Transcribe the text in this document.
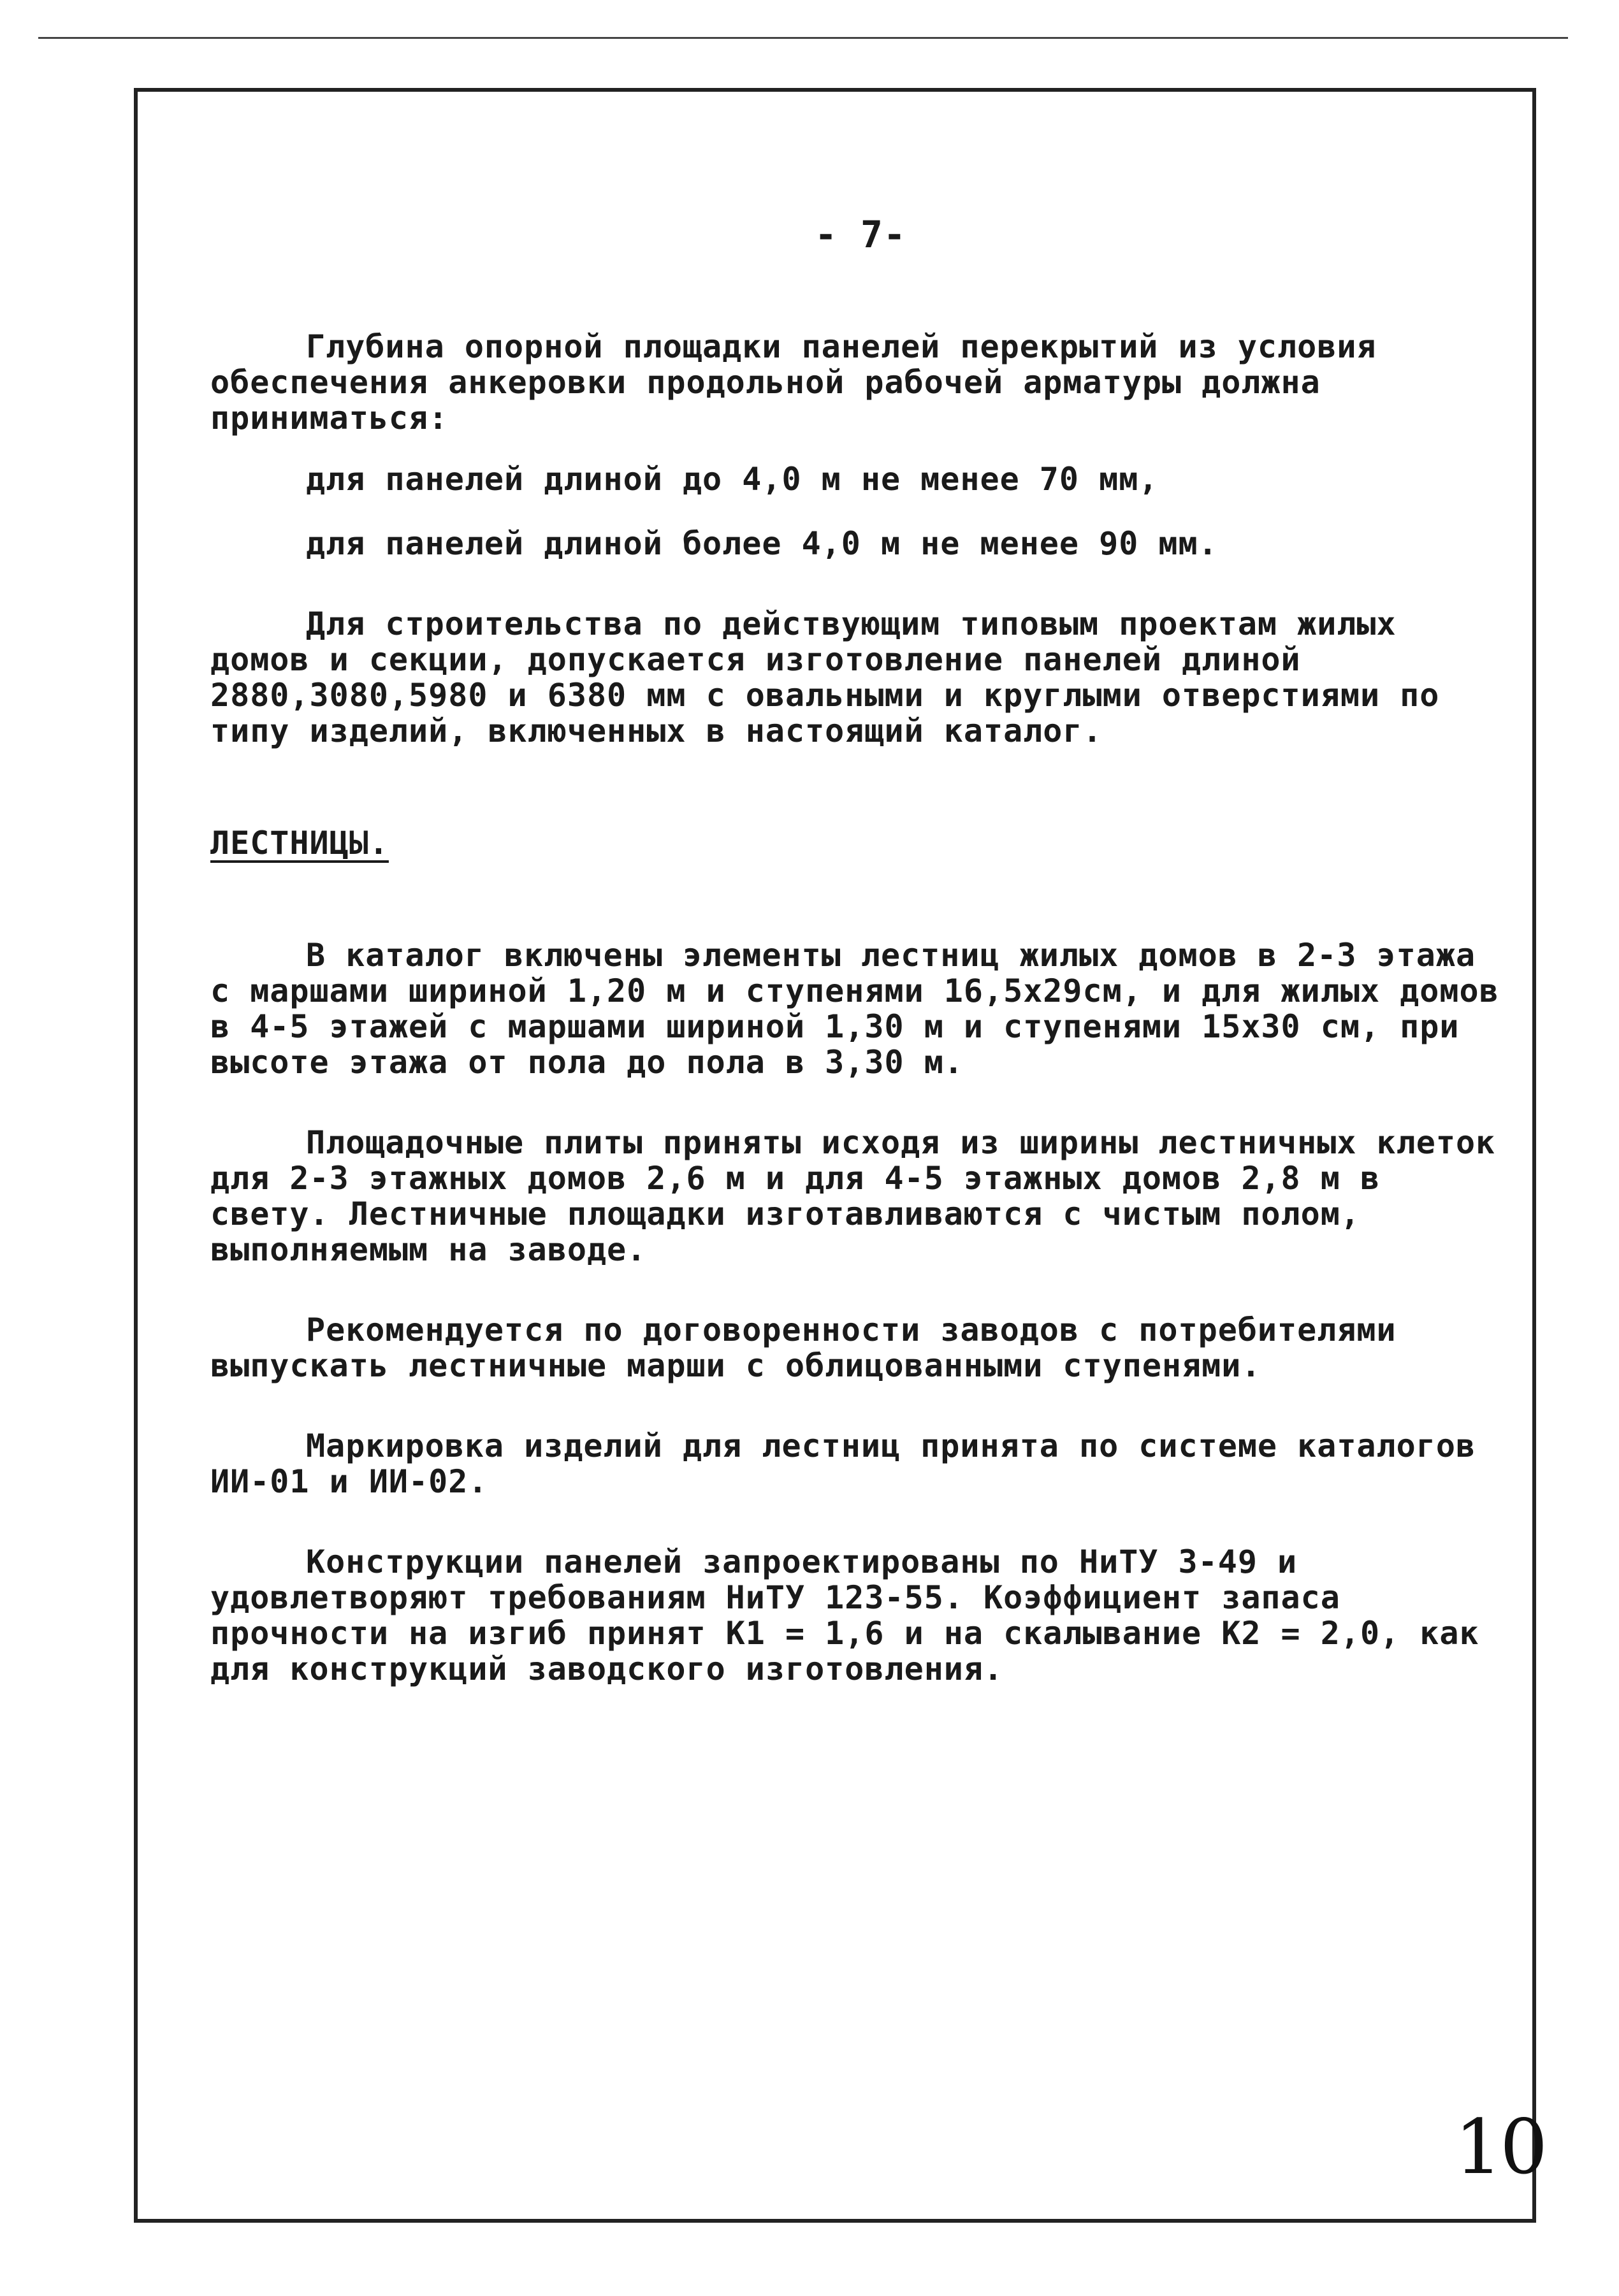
- 7-

Глубина опорной площадки панелей перекрытий из условия обеспечения анкеровки продольной рабочей арматуры должна приниматься:

для панелей длиной до 4,0 м не менее 70 мм,

для панелей длиной более 4,0 м не менее 90 мм.

Для строительства по действующим типовым проектам жилых домов и секции, допускается изготовление панелей длиной 2880,3080,5980 и 6380 мм с овальными и круглыми отверстиями по типу изделий, включенных в настоящий каталог.

ЛЕСТНИЦЫ.

В каталог включены элементы лестниц жилых домов в 2-3 этажа с маршами шириной 1,20 м и ступенями 16,5х29см, и для жилых домов в 4-5 этажей с маршами шириной 1,30 м и ступенями 15х30 см, при высоте этажа от пола до пола в 3,30 м.

Площадочные плиты приняты исходя из ширины лестничных клеток для 2-3 этажных домов 2,6 м и для 4-5 этажных домов 2,8 м в свету. Лестничные площадки изготавливаются с чистым полом, выполняемым на заводе.

Рекомендуется по договоренности заводов с потребителями выпускать лестничные марши с облицованными ступенями.

Маркировка изделий для лестниц принята по системе каталогов ИИ-01 и ИИ-02.

Конструкции панелей запроектированы по НиТУ 3-49 и удовлетворяют требованиям НиТУ 123-55. Коэффициент запаса прочности на изгиб принят К1 = 1,6 и на скалывание К2 = 2,0, как для конструкций заводского изготовления.

10
